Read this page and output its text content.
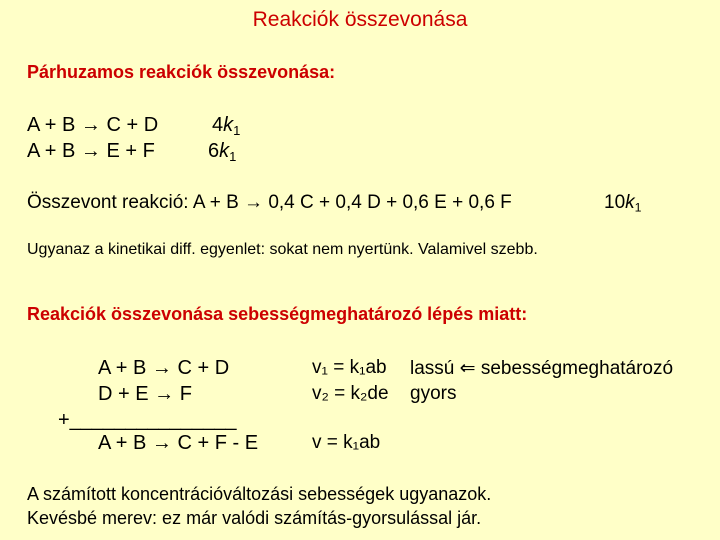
Reakciók összevonása
Párhuzamos reakciók összevonása:
A + B → C + D	$4k_1$
A + B → E + F	$6k_1$
Összevont reakció: A + B → 0,4 C + 0,4 D + 0,6 E + 0,6 F	$10k_1$
Ugyanaz a kinetikai diff. egyenlet: sokat nem nyertünk. Valamivel szebb.
Reakciók összevonása sebességmeghatározó lépés miatt:
A + B → C + D	v₁ = k₁ab lassú ⇐ sebességmeghatározó
D + E → F	v₂ = k₂de gyors
+_______________
A + B → C + F - E	v = k₁ab
A számított koncentrációváltozási sebességek ugyanazok.
Kevésbé merev: ez már valódi számítás-gyorsulással jár.
